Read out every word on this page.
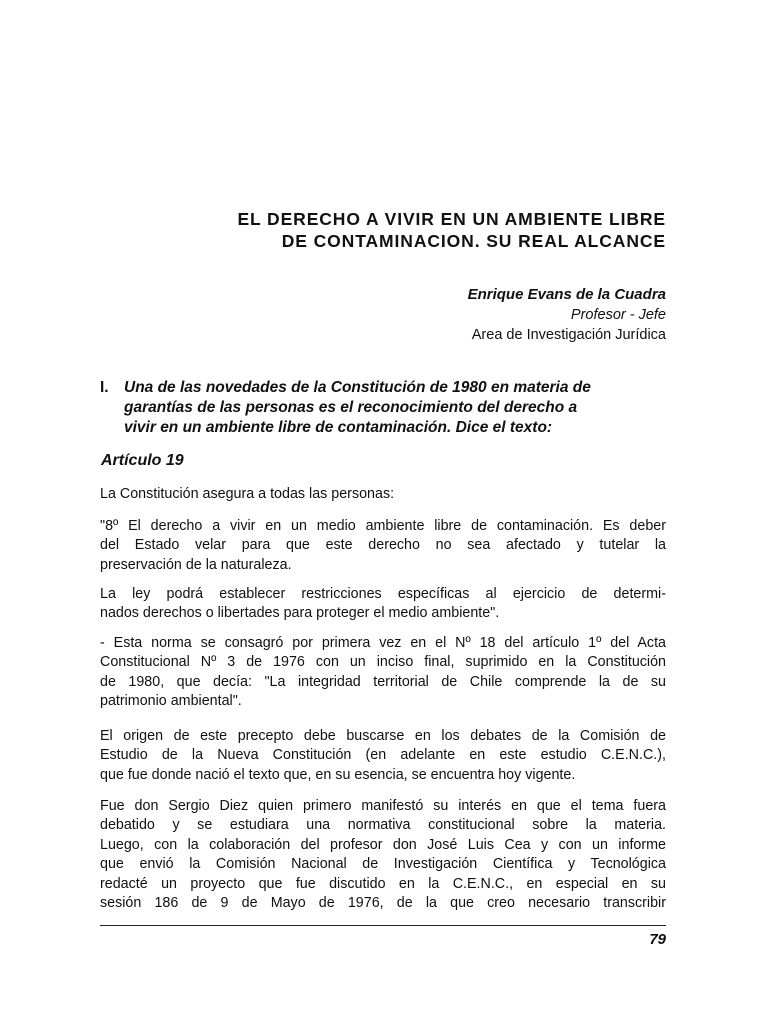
EL DERECHO A VIVIR EN UN AMBIENTE LIBRE
DE CONTAMINACION. SU REAL ALCANCE
Enrique Evans de la Cuadra
Profesor - Jefe
Area de Investigación Jurídica
I. Una de las novedades de la Constitución de 1980 en materia de
garantías de las personas es el reconocimiento del derecho a
vivir en un ambiente libre de contaminación. Dice el texto:
Artículo 19
La Constitución asegura a todas las personas:
"8º El derecho a vivir en un medio ambiente libre de contaminación. Es deber
del Estado velar para que este derecho no sea afectado y tutelar la
preservación de la naturaleza.
La ley podrá establecer restricciones específicas al ejercicio de determi-
nados derechos o libertades para proteger el medio ambiente".
- Esta norma se consagró por primera vez en el Nº 18 del artículo 1º del Acta
Constitucional Nº 3 de 1976 con un inciso final, suprimido en la Constitución
de 1980, que decía: "La integridad territorial de Chile comprende la de su
patrimonio ambiental".
El origen de este precepto debe buscarse en los debates de la Comisión de
Estudio de la Nueva Constitución (en adelante en este estudio C.E.N.C.),
que fue donde nació el texto que, en su esencia, se encuentra hoy vigente.
Fue don Sergio Diez quien primero manifestó su interés en que el tema fuera
debatido y se estudiara una normativa constitucional sobre la materia.
Luego, con la colaboración del profesor don José Luis Cea y con un informe
que envió la Comisión Nacional de Investigación Científica y Tecnológica
redacté un proyecto que fue discutido en la C.E.N.C., en especial en su
sesión 186 de 9 de Mayo de 1976, de la que creo necesario transcribir
79
